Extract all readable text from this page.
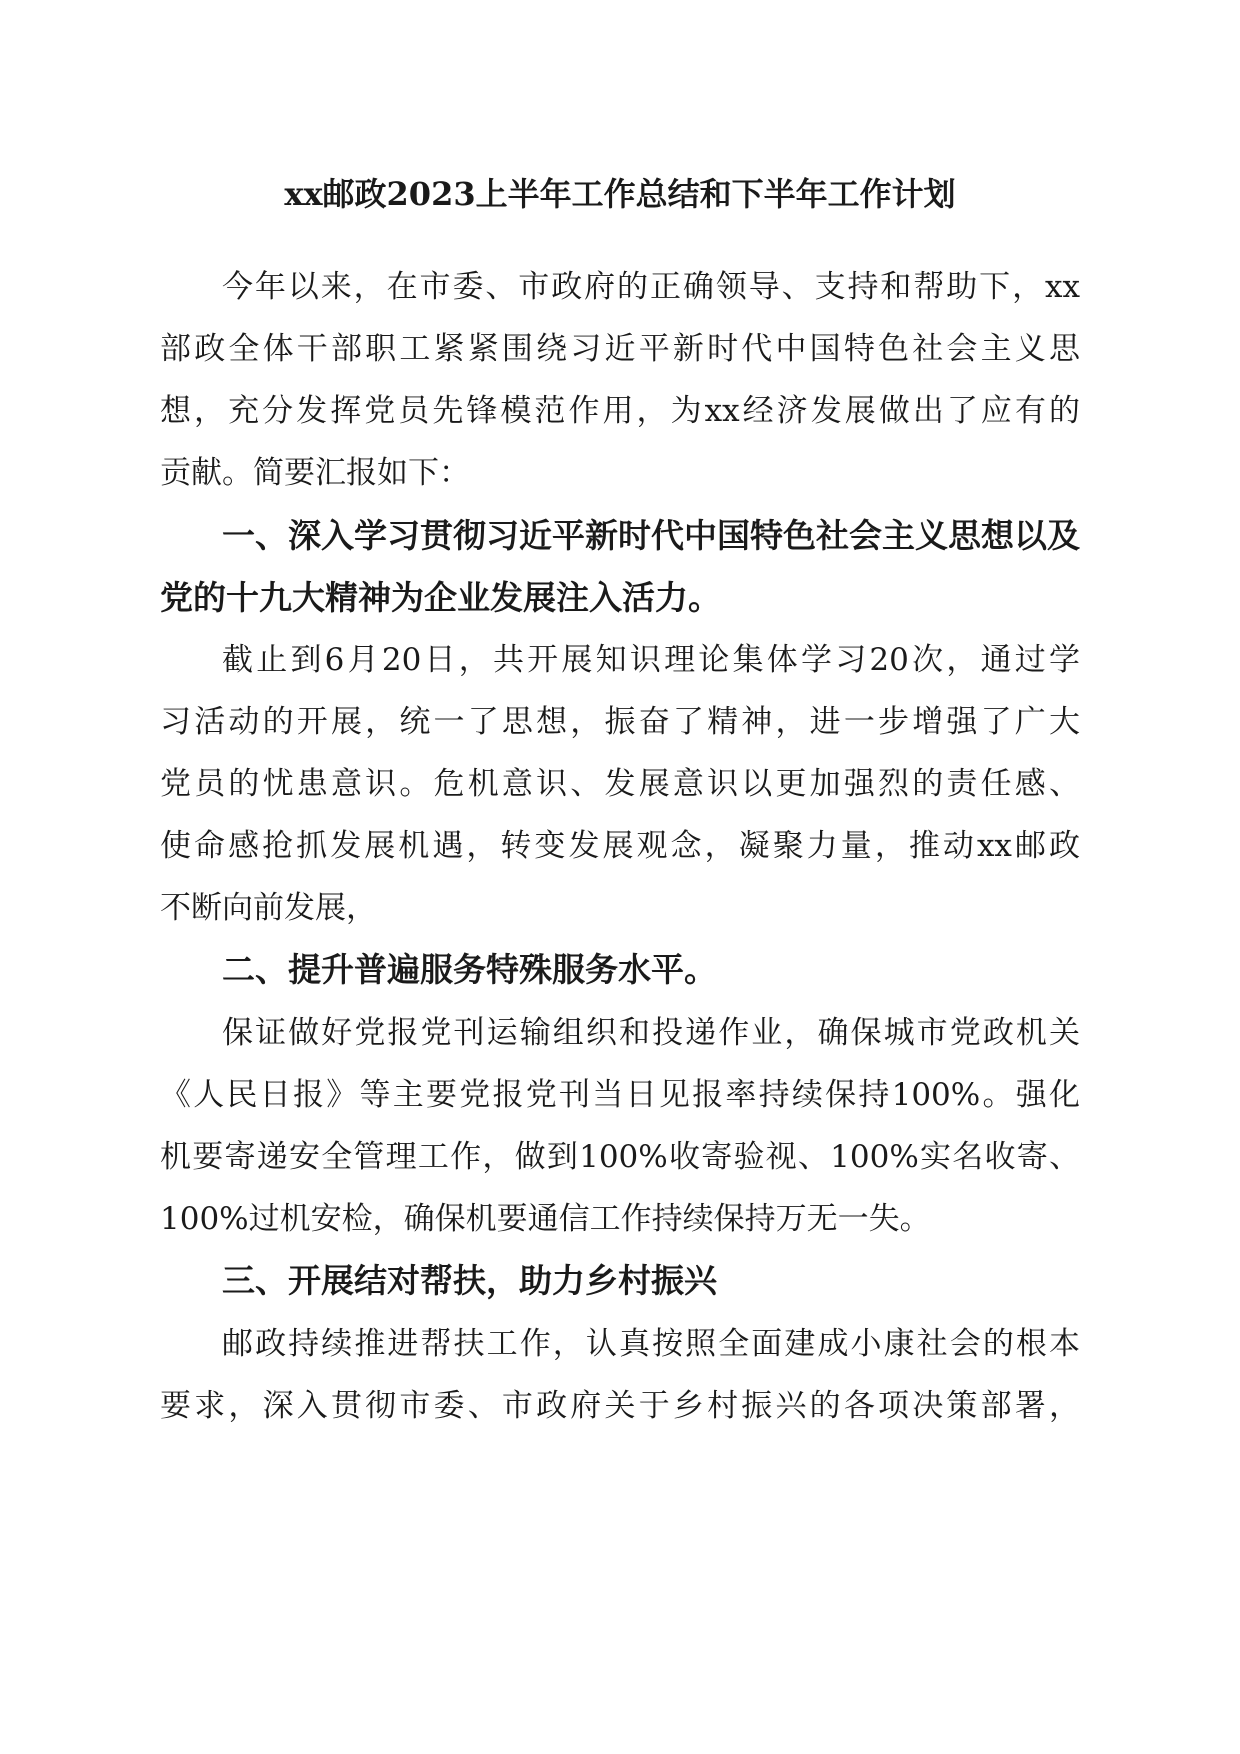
xx邮政2023上半年工作总结和下半年工作计划
今年以来，在市委、市政府的正确领导、支持和帮助下，xx
部政全体干部职工紧紧围绕习近平新时代中国特色社会主义思
想，充分发挥党员先锋模范作用，为xx经济发展做出了应有的
贡献。简要汇报如下：
一、深入学习贯彻习近平新时代中国特色社会主义思想以及
党的十九大精神为企业发展注入活力。
截止到6月20日，共开展知识理论集体学习20次，通过学
习活动的开展，统一了思想，振奋了精神，进一步增强了广大
党员的忧患意识。危机意识、发展意识以更加强烈的责任感、
使命感抢抓发展机遇，转变发展观念，凝聚力量，推动xx邮政
不断向前发展，
二、提升普遍服务特殊服务水平。
保证做好党报党刊运输组织和投递作业，确保城市党政机关
《人民日报》等主要党报党刊当日见报率持续保持100%。强化
机要寄递安全管理工作，做到100%收寄验视、100%实名收寄、
100%过机安检，确保机要通信工作持续保持万无一失。
三、开展结对帮扶，助力乡村振兴
邮政持续推进帮扶工作，认真按照全面建成小康社会的根本
要求，深入贯彻市委、市政府关于乡村振兴的各项决策部署，
